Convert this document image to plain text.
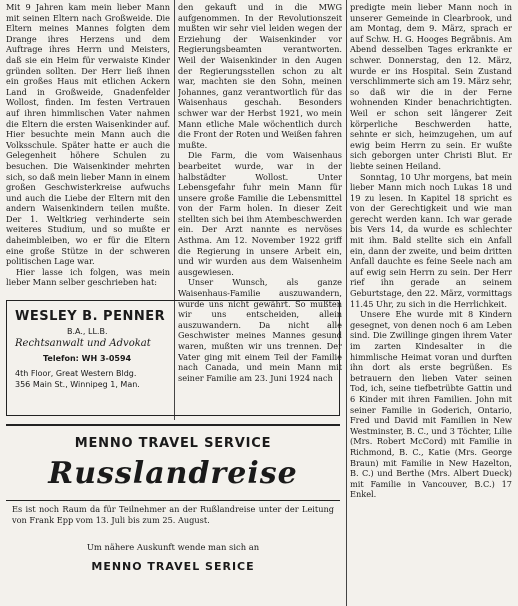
Mit 9 Jahren kam mein lieber Mann mit seinen Eltern nach Großweide. Die Eltern meines Mannes folgten dem Drange ihres Herzens und dem Auftrage ihres Herrn und Meisters, daß sie ein Heim für verwaiste Kinder gründen sollten. Der Herr ließ ihnen ein großes Haus mit etlichen Ackern Land in Großweide, Gnadenfelder Wollost, finden. Im festen Vertrauen auf ihren himmlischen Vater nahmen die Eltern die ersten Waisenkinder auf. Hier besuchte mein Mann auch die Volksschule. Später hatte er auch die Gelegenheit höhere Schulen zu besuchen. Die Waisenkinder mehrten sich, so daß mein lieber Mann in einem großen Geschwisterkreise aufwuchs und auch die Liebe der Eltern mit den andern Waisenkindern teilen mußte. Der 1. Weltkrieg verhinderte sein weiteres Studium, und so mußte er daheimbleiben, wo er für die Eltern eine große Stütze in der schweren politischen Lage war.

Hier lasse ich folgen, was mein lieber Mann selber geschrieben hat:

den gekauft und in die MWG aufgenommen. In der Revolutionszeit mußten wir sehr viel leiden wegen der Erziehung der Waisenkinder vor Regierungsbeamten verantworten. Weil der Waisenkinder in den Augen der Regierungsstellen schon zu alt war, machten sie den Sohn, meinen Johannes, ganz verantwortlich für das Waisenhaus geschah. Besonders schwer war der Herbst 1921, wo mein Mann etliche Male wöchentlich durch die Front der Roten und Weißen fahren mußte.

Die Farm, die vom Waisenhaus bearbeitet wurde, war in der halbstädter Wollost. Unter Lebensgefahr fuhr mein Mann für unsere große Familie die Lebensmittel von der Farm holen. In dieser Zeit stellten sich bei ihm Atembeschwerden ein. Der Arzt nannte es nervöses Asthma. Am 12. November 1922 griff die Regierung in unsere Arbeit ein, und wir wurden aus dem Waisenheim ausgewiesen.

Unser Wunsch, als ganze Waisenhaus-Familie auszuwandern, wurde uns nicht gewährt. So mußten wir uns entscheiden, allein auszuwandern. Da nicht alle Geschwister meines Mannes gesund waren, mußten wir uns trennen. Der Vater ging mit einem Teil der Familie nach Canada, und mein Mann mit seiner Familie am 23. Juni 1924 nach

predigte mein lieber Mann noch in unserer Gemeinde in Clearbrook, und am Montag, dem 9. März, sprach er auf Schw. H. G. Hooges Begräbnis. Am Abend desselben Tages erkrankte er schwer. Donnerstag, den 12. März, wurde er ins Hospital. Sein Zustand verschlimmerte sich am 19. März sehr, so daß wir die in der Ferne wohnenden Kinder benachrichtigten. Weil er schon seit längerer Zeit körperliche Beschwerden hatte, sehnte er sich, heimzugehen, um auf ewig beim Herrn zu sein. Er wußte sich geborgen unter Christi Blut. Er liebte seinen Heiland.

Sonntag, 10 Uhr morgens, bat mein lieber Mann mich noch Lukas 18 und 19 zu lesen. In Kapitel 18 spricht es von der Gerechtigkeit und wie man gerecht werden kann. Ich war gerade bis Vers 14, da wurde es schlechter mit ihm. Bald stellte sich ein Anfall ein, dann der zweite, und beim dritten Anfall dauchte es feine Seele nach am auf ewig sein Herrn zu sein. Der Herr rief ihn gerade an seinem Geburtstage, den 22. März, vormittags 11.45 Uhr, zu sich in die Herrlichkeit.

Unsere Ehe wurde mit 8 Kindern gesegnet, von denen noch 6 am Leben sind. Die Zwillinge gingen ihrem Vater im zarten Kindesalter in die himmlische Heimat voran und durften ihn dort als erste begrüßen. Es betrauern den lieben Vater seinen Tod, ich, seine tiefbetrübte Gattin und 6 Kinder mit ihren Familien. John mit seiner Familie in Goderich, Ontario, Fred und David mit Familien in New Westminster, B. C., und 3 Töchter, Lilie (Mrs. Robert McCord) mit Familie in Richmond, B. C., Katie (Mrs. George Braun) mit Familie in New Hazelton, B. C.) und Berthe (Mrs. Albert Dueck) mit Familie in Vancouver, B.C.) 17 Enkel.

WESLEY B. PENNER
B.A., LL.B.
Rechtsanwalt und Advokat
Telefon: WH 3-0594
4th Floor, Great Western Bldg.
356 Main St., Winnipeg 1, Man.
MENNO TRAVEL SERVICE
Russlandreise
Es ist noch Raum da für Teilnehmer an der Rußlandreise unter der Leitung von Frank Epp vom 13. Juli bis zum 25. August.
Um nähere Auskunft wende man sich an
MENNO TRAVEL SERICE
